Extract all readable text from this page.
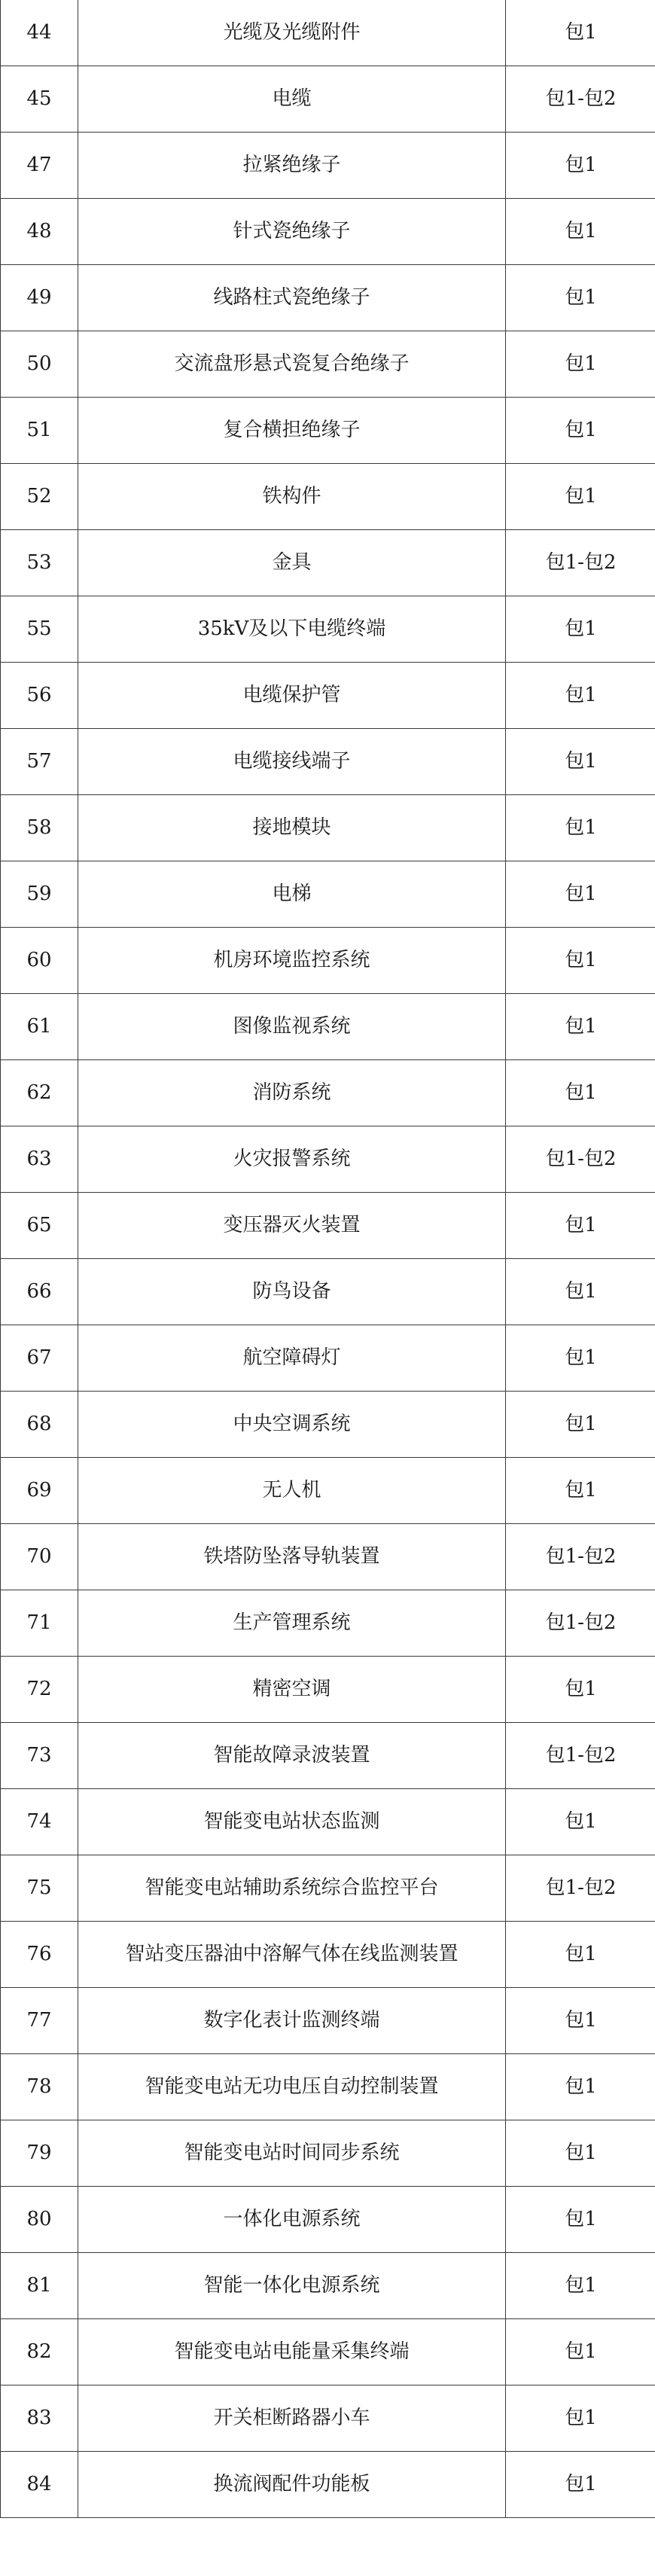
44	光缆及光缆附件	包1
45	电缆	包1-包2
47	拉紧绝缘子	包1
48	针式瓷绝缘子	包1
49	线路柱式瓷绝缘子	包1
50	交流盘形悬式瓷复合绝缘子	包1
51	复合横担绝缘子	包1
52	铁构件	包1
53	金具	包1-包2
55	35kV及以下电缆终端	包1
56	电缆保护管	包1
57	电缆接线端子	包1
58	接地模块	包1
59	电梯	包1
60	机房环境监控系统	包1
61	图像监视系统	包1
62	消防系统	包1
63	火灾报警系统	包1-包2
65	变压器灭火装置	包1
66	防鸟设备	包1
67	航空障碍灯	包1
68	中央空调系统	包1
69	无人机	包1
70	铁塔防坠落导轨装置	包1-包2
71	生产管理系统	包1-包2
72	精密空调	包1
73	智能故障录波装置	包1-包2
74	智能变电站状态监测	包1
75	智能变电站辅助系统综合监控平台	包1-包2
76	智站变压器油中溶解气体在线监测装置	包1
77	数字化表计监测终端	包1
78	智能变电站无功电压自动控制装置	包1
79	智能变电站时间同步系统	包1
80	一体化电源系统	包1
81	智能一体化电源系统	包1
82	智能变电站电能量采集终端	包1
83	开关柜断路器小车	包1
84	换流阀配件功能板	包1
